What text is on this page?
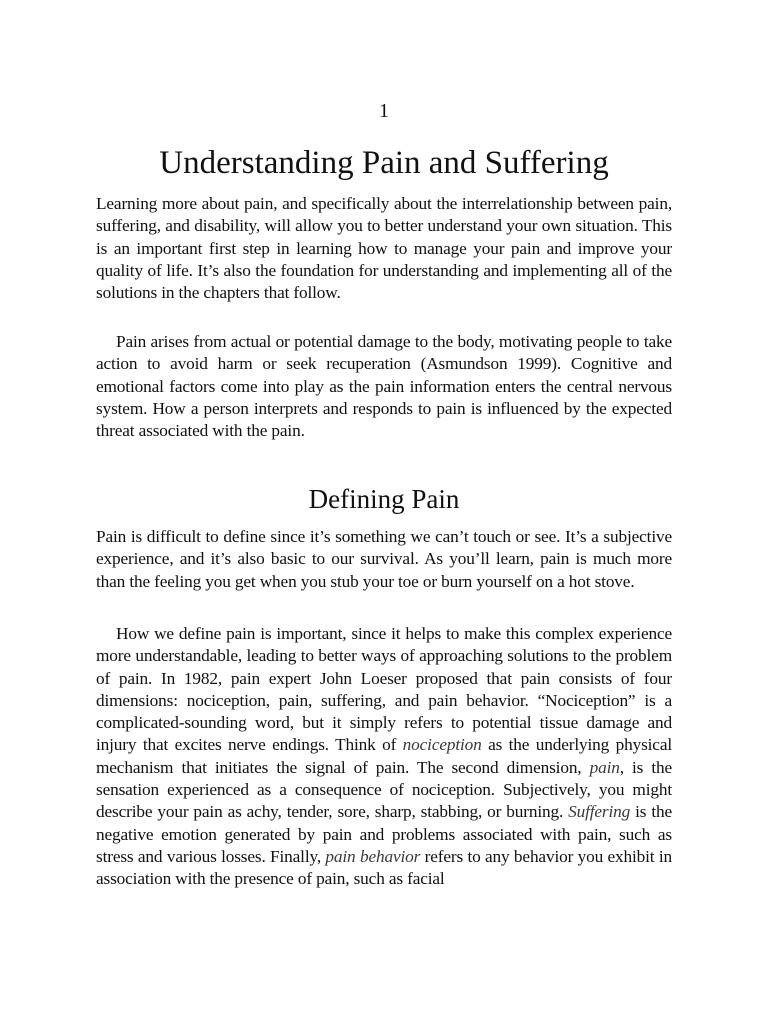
1
Understanding Pain and Suffering

Learning more about pain, and specifically about the interrelationship between pain, suffering, and disability, will allow you to better understand your own situation. This is an important first step in learning how to manage your pain and improve your quality of life. It’s also the foundation for understanding and implementing all of the solutions in the chapters that follow.

Pain arises from actual or potential damage to the body, motivating people to take action to avoid harm or seek recuperation (Asmundson 1999). Cognitive and emotional factors come into play as the pain information enters the central nervous system. How a person interprets and responds to pain is influenced by the expected threat associated with the pain.

Defining Pain

Pain is difficult to define since it’s something we can’t touch or see. It’s a subjective experience, and it’s also basic to our survival. As you’ll learn, pain is much more than the feeling you get when you stub your toe or burn yourself on a hot stove.

How we define pain is important, since it helps to make this complex experience more understandable, leading to better ways of approaching solutions to the problem of pain. In 1982, pain expert John Loeser proposed that pain consists of four dimensions: nociception, pain, suffering, and pain behavior. “Nociception” is a complicated-sounding word, but it simply refers to potential tissue damage and injury that excites nerve endings. Think of nociception as the underlying physical mechanism that initiates the signal of pain. The second dimension, pain, is the sensation experienced as a consequence of nociception. Subjectively, you might describe your pain as achy, tender, sore, sharp, stabbing, or burning. Suffering is the negative emotion generated by pain and problems associated with pain, such as stress and various losses. Finally, pain behavior refers to any behavior you exhibit in association with the presence of pain, such as facial
